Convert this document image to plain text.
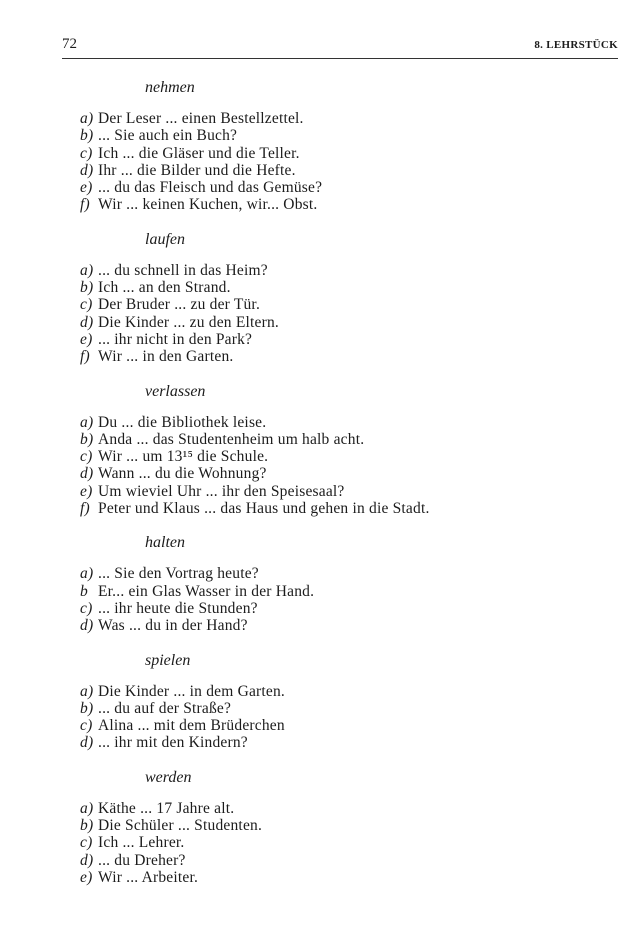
72	8. LEHRSTÜCK
nehmen
a) Der Leser ... einen Bestellzettel.
b) ... Sie auch ein Buch?
c) Ich ... die Gläser und die Teller.
d) Ihr ... die Bilder und die Hefte.
e) ... du das Fleisch und das Gemüse?
f) Wir ... keinen Kuchen, wir... Obst.
laufen
a) ... du schnell in das Heim?
b) Ich ... an den Strand.
c) Der Bruder ... zu der Tür.
d) Die Kinder ... zu den Eltern.
e) ... ihr nicht in den Park?
f) Wir ... in den Garten.
verlassen
a) Du ... die Bibliothek leise.
b) Anda ... das Studentenheim um halb acht.
c) Wir ... um 13¹⁵ die Schule.
d) Wann ... du die Wohnung?
e) Um wieviel Uhr ... ihr den Speisesaal?
f) Peter und Klaus ... das Haus und gehen in die Stadt.
halten
a) ... Sie den Vortrag heute?
b Er... ein Glas Wasser in der Hand.
c) ... ihr heute die Stunden?
d) Was ... du in der Hand?
spielen
a) Die Kinder ... in dem Garten.
b) ... du auf der Straße?
c) Alina ... mit dem Brüderchen
d) ... ihr mit den Kindern?
werden
a) Käthe ... 17 Jahre alt.
b) Die Schüler ... Studenten.
c) Ich ... Lehrer.
d) ... du Dreher?
e) Wir ... Arbeiter.
